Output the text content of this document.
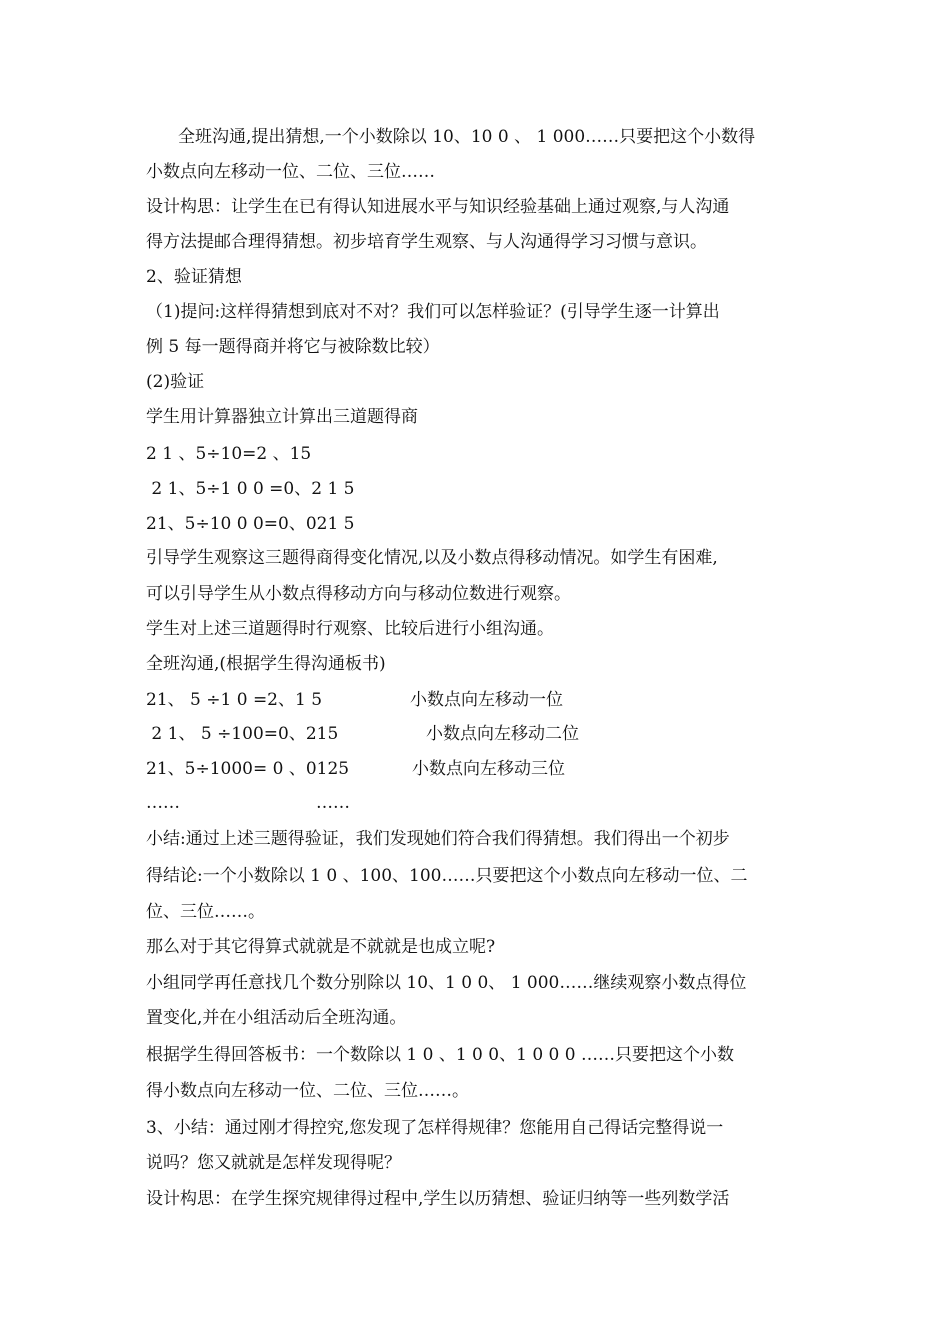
全班沟通,提出猜想,一个小数除以 10、10 0 、 1 000……只要把这个小数得
小数点向左移动一位、二位、三位……
设计构思：让学生在已有得认知进展水平与知识经验基础上通过观察,与人沟通
得方法提邮合理得猜想。初步培育学生观察、与人沟通得学习习惯与意识。
2、验证猜想
（1)提问:这样得猜想到底对不对？我们可以怎样验证？(引导学生逐一计算出
例 5 每一题得商并将它与被除数比较）
(2)验证
学生用计算器独立计算出三道题得商
2 1 、5÷10=2 、15
2 1、5÷1 0 0 =0、2 1 5
21、5÷10 0 0=0、021 5
引导学生观察这三题得商得变化情况,以及小数点得移动情况。如学生有困难,
可以引导学生从小数点得移动方向与移动位数进行观察。
学生对上述三道题得时行观察、比较后进行小组沟通。
全班沟通,(根据学生得沟通板书)
21、 5 ÷1 0 =2、1 5	小数点向左移动一位
2 1、 5 ÷100=0、215	小数点向左移动二位
21、5÷1000= 0 、0125	小数点向左移动三位
……	……
小结:通过上述三题得验证，我们发现她们符合我们得猜想。我们得出一个初步
得结论:一个小数除以 1 0 、100、100……只要把这个小数点向左移动一位、二
位、三位……。
那么对于其它得算式就就是不就就是也成立呢?
小组同学再任意找几个数分别除以 10、1 0 0、 1 000……继续观察小数点得位
置变化,并在小组活动后全班沟通。
根据学生得回答板书：一个数除以 1 0 、1 0 0、1 0 0 0 ……只要把这个小数
得小数点向左移动一位、二位、三位……。
3、小结：通过刚才得控究,您发现了怎样得规律？您能用自己得话完整得说一
说吗？您又就就是怎样发现得呢？
设计构思：在学生探究规律得过程中,学生以历猜想、验证归纳等一些列数学活
